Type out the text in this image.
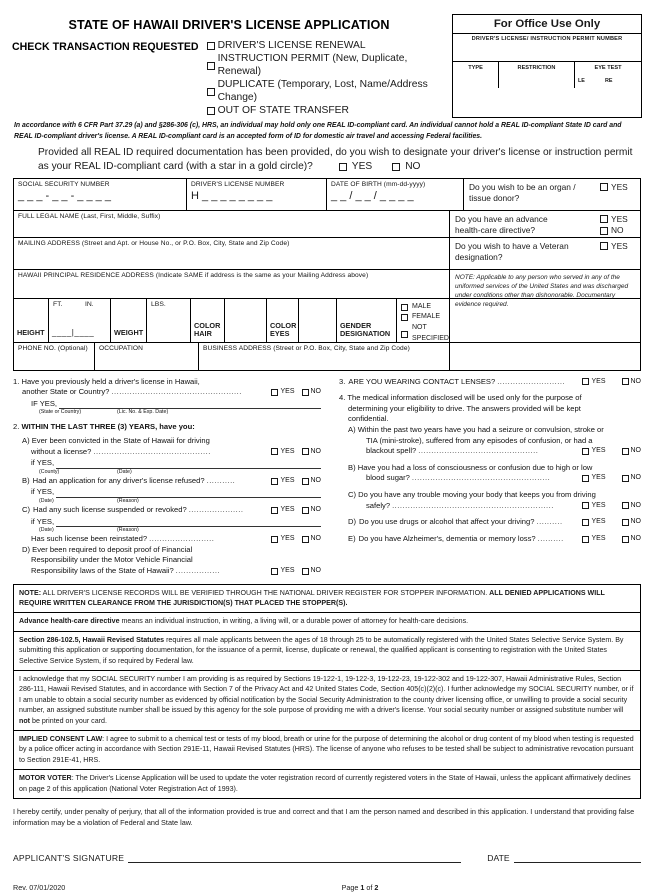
STATE OF HAWAII DRIVER'S LICENSE APPLICATION
CHECK TRANSACTION REQUESTED DRIVER'S LICENSE RENEWAL
INSTRUCTION PERMIT (New, Duplicate, Renewal)
DUPLICATE (Temporary, Lost, Name/Address Change)
OUT OF STATE TRANSFER
For Office Use Only
DRIVER'S LICENSE/ INSTRUCTION PERMIT NUMBER
TYPE	RESTRICTION	EYE TEST
LE	RE
In accordance with 6 CFR Part 37.29 (a) and §286-306 (c), HRS, an individual may hold only one REAL ID-compliant card. An individual cannot hold a REAL ID-compliant State ID card and REAL ID-compliant driver's license. A REAL ID-compliant card is an accepted form of ID for domestic air travel and accessing Federal facilities.
Provided all REAL ID required documentation has been provided, do you wish to designate your driver's license or instruction permit
as your REAL ID-compliant card (with a star in a gold circle)?	YES	NO
SOCIAL SECURITY NUMBER
_ _ _ - _ _ - _ _ _ _
DRIVER'S LICENSE NUMBER
H _ _ _ _ _ _ _ _
DATE OF BIRTH (mm-dd-yyyy)
_ _ / _ _ / _ _ _ _
Do you wish to be an organ /
tissue donor?
YES
FULL LEGAL NAME (Last, First, Middle, Suffix)	Do you have an advance
health-care directive?
YES
NO
MAILING ADDRESS (Street and Apt. or House No., or P.O. Box, City, State and Zip Code)	Do you wish to have a Veteran
designation?
YES
HAWAII PRINCIPAL RESIDENCE ADDRESS (Indicate SAME if address is the same as your Mailing Address above)	NOTE: Applicable to any person who served in any of the uniformed services of the United States and was discharged under conditions other than dishonorable. Documentary evidence required.
HEIGHT
FT.	IN.
____|____	WEIGHT
LBS.
COLOR
HAIR
COLOR
EYES
GENDER
DESIGNATION
MALE
FEMALE
NOT SPECIFIED
PHONE NO. (Optional)	OCCUPATION	BUSINESS ADDRESS (Street or P.O. Box, City, State and Zip Code)
1. Have you previously held a driver's license in Hawaii,
another State or Country? ..................................................	YES NO
IF YES,
(State or Country)	(Lic. No. & Exp. Date)
2. WITHIN THE LAST THREE (3) YEARS, have you:
A) Ever been convicted in the State of Hawaii for driving
without a license? .............................................	YES NO
if YES,
(County)	(Date)
B) Had an application for any driver's license refused? ...........	YES NO
if YES,
(Date)	(Reason)
C) Had any such license suspended or revoked? .....................	YES NO
if YES,
(Date)	(Reason)
Has such license been reinstated? .........................	YES NO
D) Ever been required to deposit proof of Financial
Responsibility under the Motor Vehicle Financial
Responsibility laws of the State of Hawaii? .................	YES NO
3. ARE YOU WEARING CONTACT LENSES? ..........................	YES	NO
4. The medical information disclosed will be used only for the purpose of
determining your eligibility to drive. The answers provided will be kept
confidential.
A) Within the past two years have you had a seizure or convulsion, stroke or
TIA (mini-stroke), suffered from any episodes of confusion, or had a
blackout spell? ..............................................	YES	NO
B) Have you had a loss of consciousness or confusion due to high or low
blood sugar? .....................................................	YES	NO
C) Do you have any trouble moving your body that keeps you from driving
safely? ..............................................................	YES	NO
D) Do you use drugs or alcohol that affect your driving? ..........	YES	NO
E) Do you have Alzheimer's, dementia or memory loss? ..........	YES	NO
NOTE: ALL DRIVER'S LICENSE RECORDS WILL BE VERIFIED THROUGH THE NATIONAL DRIVER REGISTER FOR STOPPER INFORMATION. ALL DENIED APPLICATIONS WILL REQUIRE WRITTEN CLEARANCE FROM THE JURISDICTION(S) THAT PLACED THE STOPPER(S).
Advance health-care directive means an individual instruction, in writing, a living will, or a durable power of attorney for health-care decisions.
Section 286-102.5, Hawaii Revised Statutes requires all male applicants between the ages of 18 through 25 to be automatically registered with the United States Selective Service System. By submitting this application or supporting documentation, for the issuance of a permit, license, duplicate or renewal, the qualified applicant is consenting to registration with the United States Selective Service System, if so required by Federal law.
I acknowledge that my SOCIAL SECURITY number I am providing is as required by Sections 19-122-1, 19-122-3, 19-122-23, 19-122-302 and 19-122-307, Hawaii Administrative Rules, Section 286-111, Hawaii Revised Statutes, and in accordance with Section 7 of the Privacy Act and 42 United States Code, Section 405(c)(2)(c). I further acknowledge my SOCIAL SECURITY number, or if I am unable to obtain a social security number as evidenced by official notification by the Social Security Administration to the county driver licensing office, or unwilling to provide a social security number, an assigned substitute number shall be issued by this agency for the sole purpose of providing me with a driver's license. Your social security number or assigned substitute number will not be printed on your card.
IMPLIED CONSENT LAW: I agree to submit to a chemical test or tests of my blood, breath or urine for the purpose of determining the alcohol or drug content of my blood when testing is requested by a police officer acting in accordance with Section 291E-11, Hawaii Revised Statutes (HRS). The license of anyone who refuses to be tested shall be subject to administrative revocation pursuant to Section 291E-41, HRS.
MOTOR VOTER: The Driver's License Application will be used to update the voter registration record of currently registered voters in the State of Hawaii, unless the applicant affirmatively declines on page 2 of this application (National Voter Registration Act of 1993).
I hereby certify, under penalty of perjury, that all of the information provided is true and correct and that I am the person named and described in this application. I understand that providing false information may be a violation of Federal and State law.
APPLICANT'S SIGNATURE	DATE
Rev. 07/01/2020	Page 1 of 2
